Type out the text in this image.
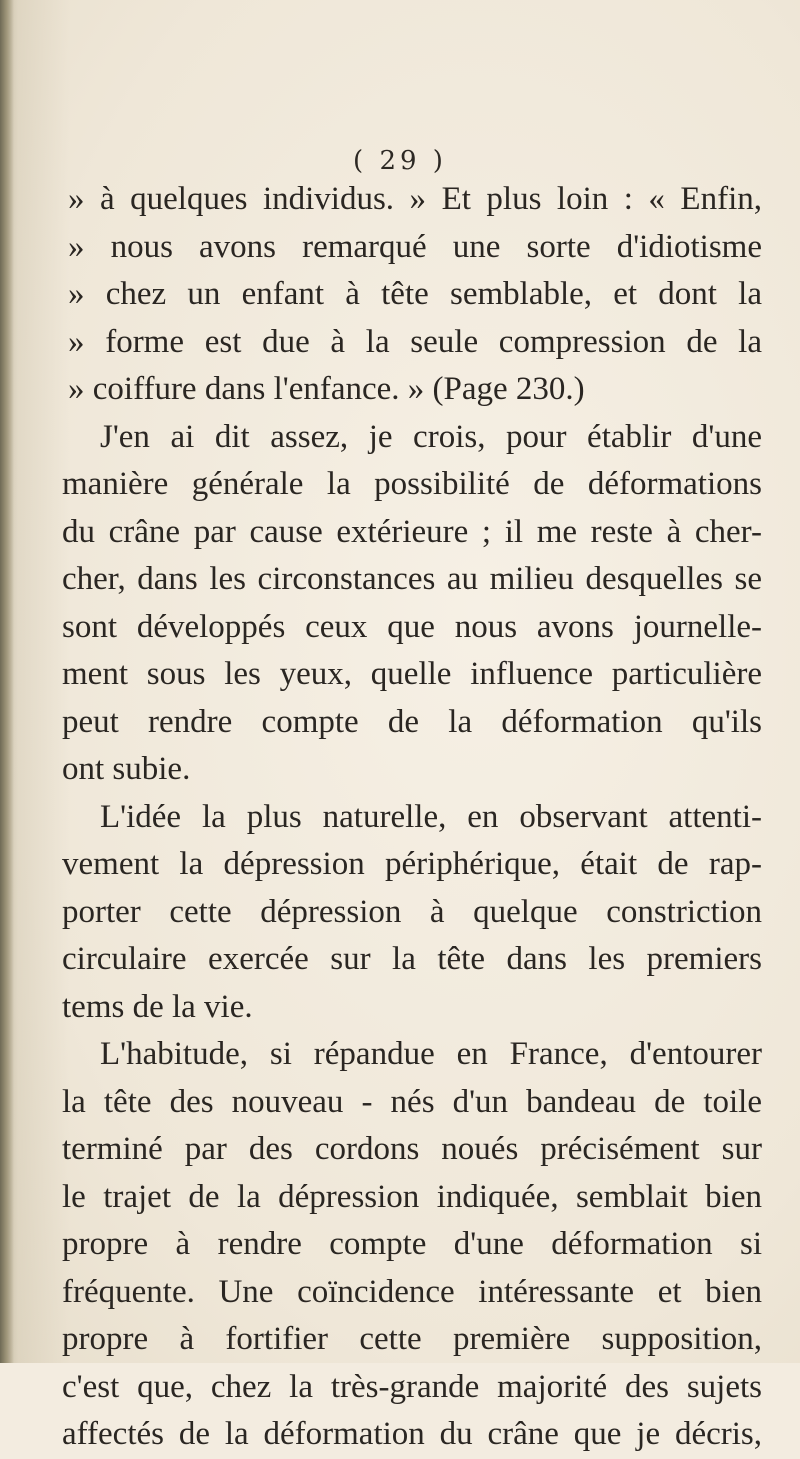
( 29 )
» à quelques individus. » Et plus loin : « Enfin,
» nous avons remarqué une sorte d'idiotisme
» chez un enfant à tête semblable, et dont la
» forme est due à la seule compression de la
» coiffure dans l'enfance. » (Page 230.)
J'en ai dit assez, je crois, pour établir d'une
manière générale la possibilité de déformations
du crâne par cause extérieure ; il me reste à cher-
cher, dans les circonstances au milieu desquelles se
sont développés ceux que nous avons journelle-
ment sous les yeux, quelle influence particulière
peut rendre compte de la déformation qu'ils
ont subie.
L'idée la plus naturelle, en observant attenti-
vement la dépression périphérique, était de rap-
porter cette dépression à quelque constriction
circulaire exercée sur la tête dans les premiers
tems de la vie.
L'habitude, si répandue en France, d'entourer
la tête des nouveau - nés d'un bandeau de toile
terminé par des cordons noués précisément sur
le trajet de la dépression indiquée, semblait bien
propre à rendre compte d'une déformation si
fréquente. Une coïncidence intéressante et bien
propre à fortifier cette première supposition,
c'est que, chez la très-grande majorité des sujets
affectés de la déformation du crâne que je décris,
